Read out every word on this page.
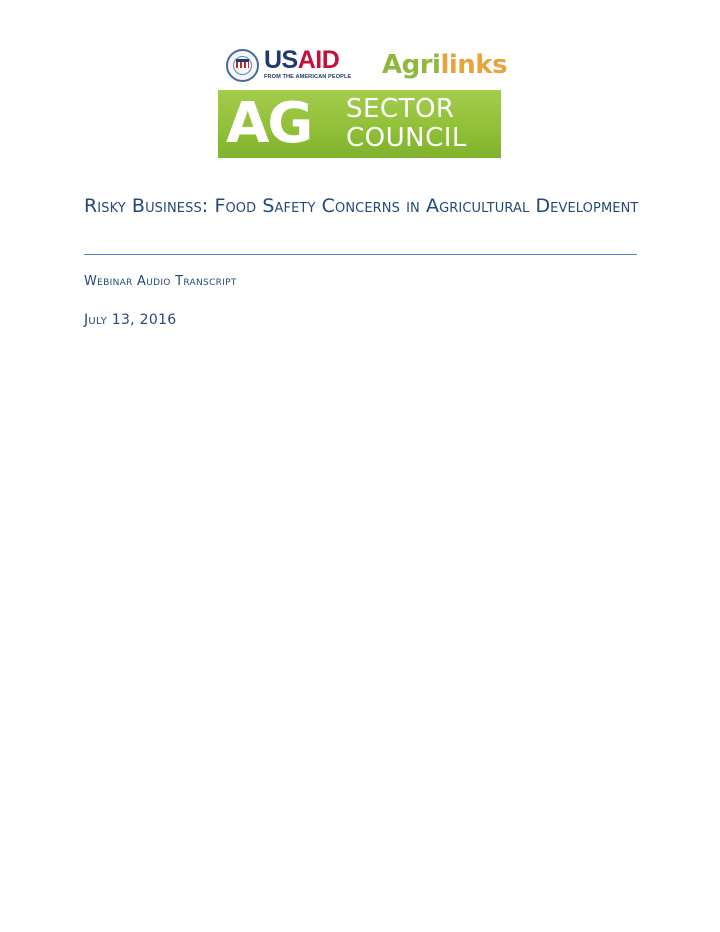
USAID
FROM THE AMERICAN PEOPLE Agrilinks
AG SECTOR
COUNCIL
Risky Business: Food Safety Concerns in Agricultural Development
Webinar Audio Transcript
July 13, 2016
